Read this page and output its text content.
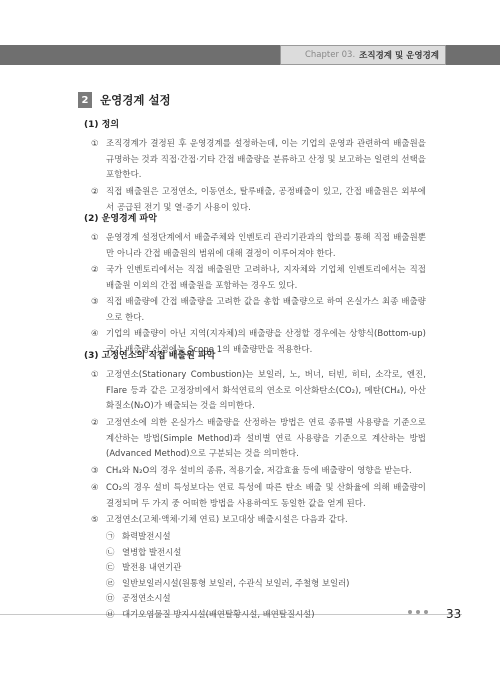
Chapter 03. 조직경계 및 운영경계
2	운영경계 설정
(1) 정의
① 조직경계가 결정된 후 운영경계를 설정하는데, 이는 기업의 운영과 관련하여 배출원을 규명하는 것과 직접·간접·기타 간접 배출량을 분류하고 산정 및 보고하는 일련의 선택을 포함한다.
② 직접 배출원은 고정연소, 이동연소, 탈루배출, 공정배출이 있고, 간접 배출원은 외부에서 공급된 전기 및 열·증기 사용이 있다.
(2) 운영경계 파악
① 운영경계 설정단계에서 배출주체와 인벤토리 관리기관과의 합의를 통해 직접 배출원뿐만 아니라 간접 배출원의 범위에 대해 결정이 이루어져야 한다.
② 국가 인벤토리에서는 직접 배출원만 고려하나, 지자체와 기업체 인벤토리에서는 직접 배출원 이외의 간접 배출원을 포함하는 경우도 있다.
③ 직접 배출량에 간접 배출량을 고려한 값을 총합 배출량으로 하여 온실가스 최종 배출량으로 한다.
④ 기업의 배출량이 아닌 지역(지자체)의 배출량을 산정할 경우에는 상향식(Bottom-up) 국가 배출량 산정에는 Scope 1의 배출량만을 적용한다.
(3) 고정연소의 직접 배출원 파악
① 고정연소(Stationary Combustion)는 보일러, 노, 버너, 터빈, 히터, 소각로, 엔진, Flare 등과 같은 고정장비에서 화석연료의 연소로 이산화탄소(CO₂), 메탄(CH₄), 아산화질소(N₂O)가 배출되는 것을 의미한다.
② 고정연소에 의한 온실가스 배출량을 산정하는 방법은 연료 종류별 사용량을 기준으로 계산하는 방법(Simple Method)과 설비별 연료 사용량을 기준으로 계산하는 방법(Advanced Method)으로 구분되는 것을 의미한다.
③ CH₄와 N₂O의 경우 설비의 종류, 적용기술, 저감효율 등에 배출량이 영향을 받는다.
④ CO₂의 경우 설비 특성보다는 연료 특성에 따른 탄소 배출 및 산화율에 의해 배출량이 결정되며 두 가지 중 어떠한 방법을 사용하여도 동일한 값을 얻게 된다.
⑤ 고정연소(고체·액체·기체 연료) 보고대상 배출시설은 다음과 같다.
33
㉠ 화력발전시설
㉡ 열병합 발전시설
㉢ 발전용 내연기관
㉣ 일반보일러시설(원통형 보일러, 수관식 보일러, 주철형 보일러)
㉤ 공정연소시설
㉥ 대기오염물질 방지시설(배연탈황시설, 배연탈질시설)
